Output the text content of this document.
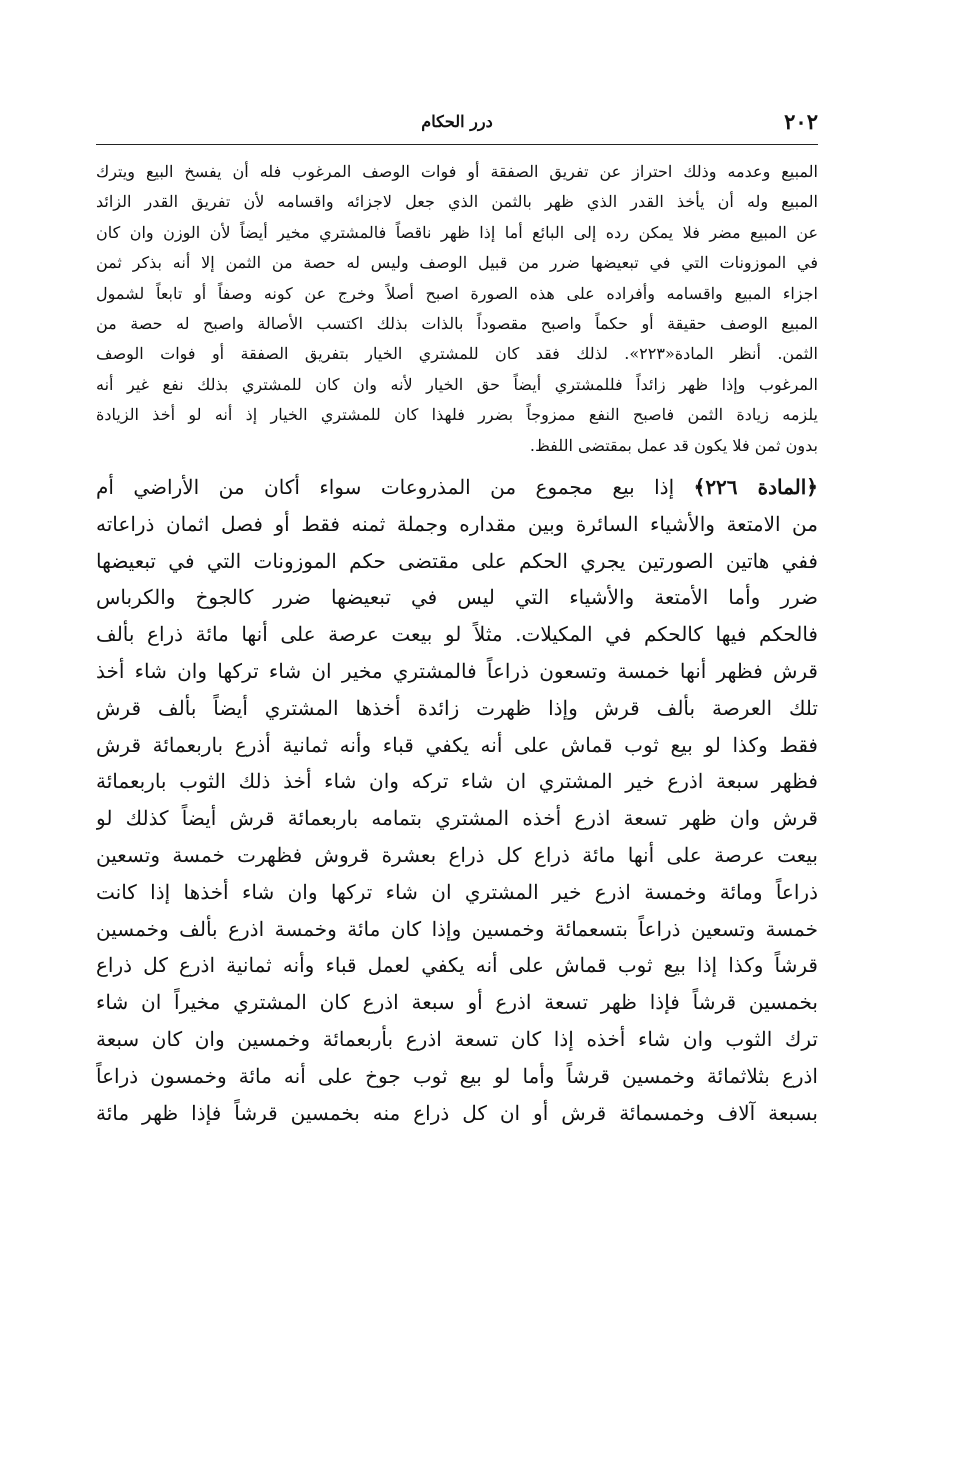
٢٠٢
درر الحكام
المبيع وعدمه وذلك احتراز عن تفريق الصفقة أو فوات الوصف المرغوب فله أن يفسخ البيع ويترك
المبيع وله أن يأخذ القدر الذي ظهر بالثمن الذي جعل لاجزائه واقسامه لأن تفريق القدر الزائد
عن المبيع مضر فلا يمكن رده إلى البائع أما إذا ظهر ناقصاً فالمشتري مخير أيضاً لأن الوزن وان كان
في الموزونات التي في تبعيضها ضرر من قبيل الوصف وليس له حصة من الثمن إلا أنه بذكر ثمن
اجزاء المبيع واقسامه وأفراده على هذه الصورة اصبح أصلاً وخرج عن كونه وصفاً أو تابعاً لشمول
المبيع الوصف حقيقة أو حكماً واصبح مقصوداً بالذات بذلك اكتسب الأصالة واصبح له حصة من
الثمن. أنظر المادة«٢٢٣». لذلك فقد كان للمشتري الخيار بتفريق الصفقة أو فوات الوصف
المرغوب وإذا ظهر زائداً فللمشتري أيضاً حق الخيار لأنه وان كان للمشتري بذلك نفع غير أنه
يلزمه زيادة الثمن فاصبح النفع ممزوجاً بضرر فلهذا كان للمشتري الخيار إذ أنه لو أخذ الزيادة
بدون ثمن فلا يكون قد عمل بمقتضى اللفظ.
﴿المادة ٢٢٦﴾ إذا بيع مجموع من المذروعات سواء أكان من الأراضي أم
من الامتعة والأشياء السائرة وبين مقداره وجملة ثمنه فقط أو فصل اثمان ذراعاته
ففي هاتين الصورتين يجري الحكم على مقتضى حكم الموزونات التي في تبعيضها
ضرر وأما الأمتعة والأشياء التي ليس في تبعيضها ضرر كالجوخ والكرباس
فالحكم فيها كالحكم في المكيلات. مثلاً لو بيعت عرصة على أنها مائة ذراع بألف
قرش فظهر أنها خمسة وتسعون ذراعاً فالمشتري مخير ان شاء تركها وان شاء أخذ
تلك العرصة بألف قرش وإذا ظهرت زائدة أخذها المشتري أيضاً بألف قرش
فقط وكذا لو بيع ثوب قماش على أنه يكفي قباء وأنه ثمانية أذرع باربعمائة قرش
فظهر سبعة اذرع خير المشتري ان شاء تركه وان شاء أخذ ذلك الثوب باربعمائة
قرش وان ظهر تسعة اذرع أخذه المشتري بتمامه باربعمائة قرش أيضاً كذلك لو
بيعت عرصة على أنها مائة ذراع كل ذراع بعشرة قروش فظهرت خمسة وتسعين
ذراعاً ومائة وخمسة اذرع خير المشتري ان شاء تركها وان شاء أخذها إذا كانت
خمسة وتسعين ذراعاً بتسعمائة وخمسين وإذا كان مائة وخمسة اذرع بألف وخمسين
قرشاً وكذا إذا بيع ثوب قماش على أنه يكفي لعمل قباء وأنه ثمانية اذرع كل ذراع
بخمسين قرشاً فإذا ظهر تسعة اذرع أو سبعة اذرع كان المشتري مخيراً ان شاء
ترك الثوب وان شاء أخذه إذا كان تسعة اذرع بأربعمائة وخمسين وان كان سبعة
اذرع بثلاثمائة وخمسين قرشاً وأما لو بيع ثوب جوخ على أنه مائة وخمسون ذراعاً
بسبعة آلاف وخمسمائة قرش أو ان كل ذراع منه بخمسين قرشاً فإذا ظهر مائة
